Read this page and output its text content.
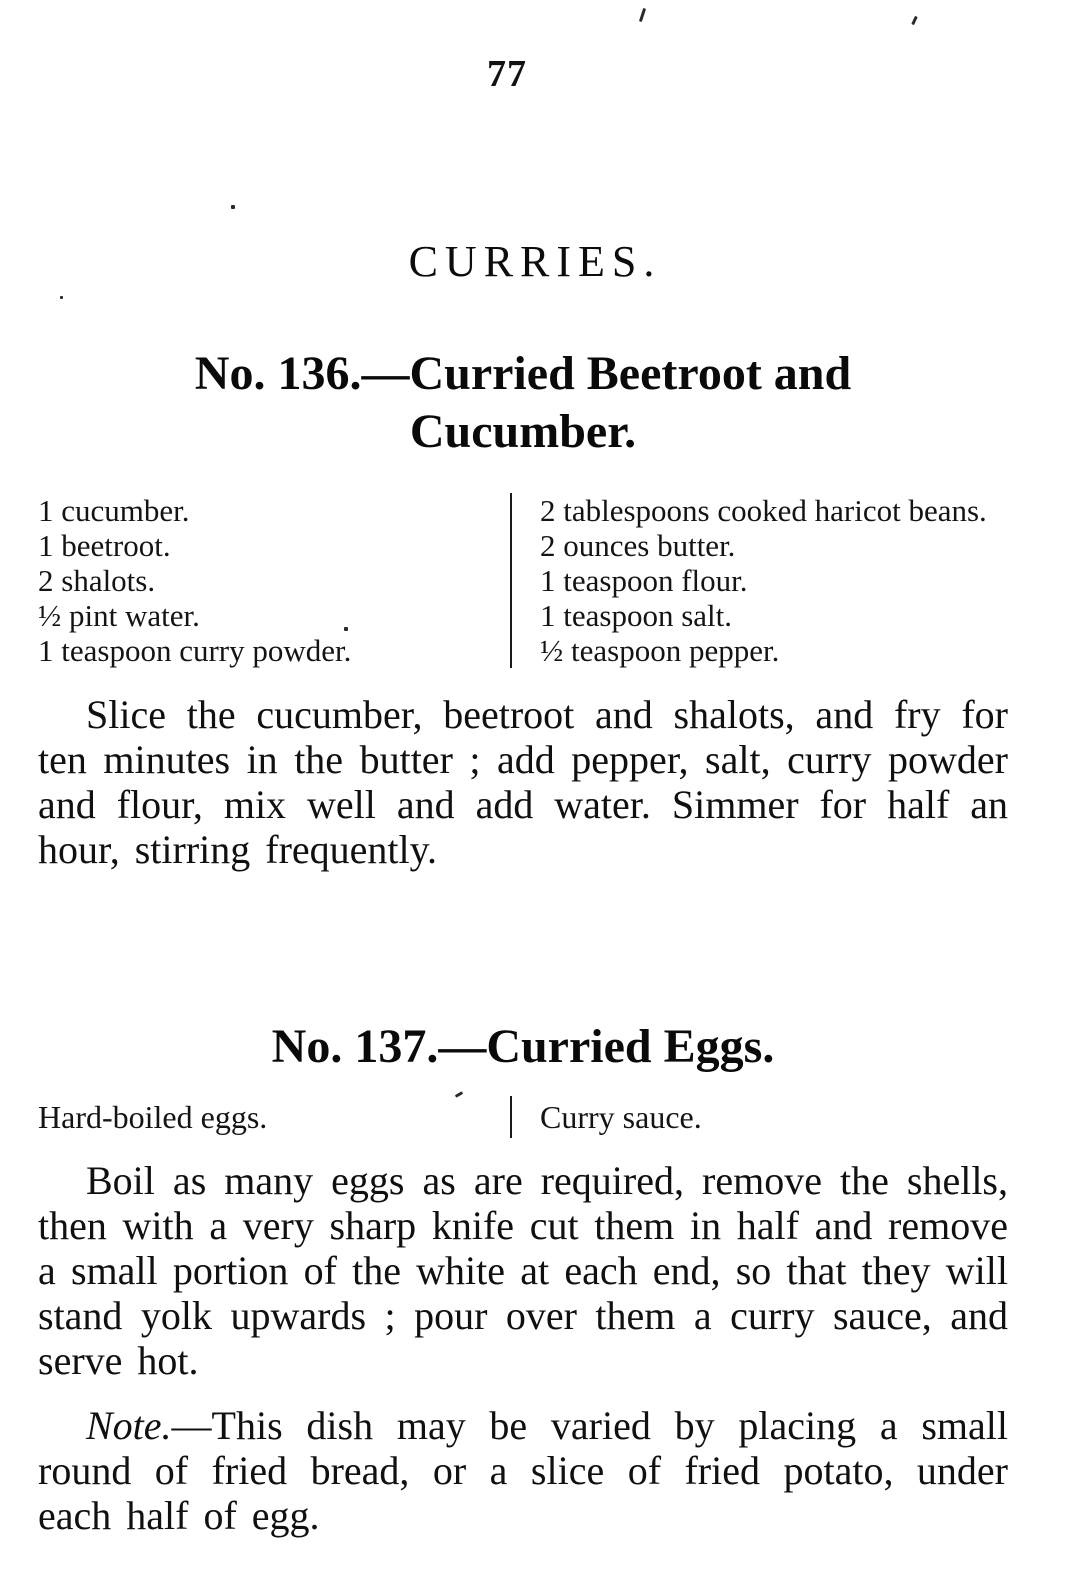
77
CURRIES.
No. 136.—Curried Beetroot and Cucumber.
1 cucumber.
1 beetroot.
2 shalots.
½ pint water.
1 teaspoon curry powder.
2 tablespoons cooked haricot beans.
2 ounces butter.
1 teaspoon flour.
1 teaspoon salt.
½ teaspoon pepper.

Slice the cucumber, beetroot and shalots, and fry for ten minutes in the butter ; add pepper, salt, curry powder and flour, mix well and add water. Simmer for half an hour, stirring frequently.

No. 137.—Curried Eggs.
Hard-boiled eggs.	Curry sauce.

Boil as many eggs as are required, remove the shells, then with a very sharp knife cut them in half and remove a small portion of the white at each end, so that they will stand yolk upwards ; pour over them a curry sauce, and serve hot.

Note.—This dish may be varied by placing a small round of fried bread, or a slice of fried potato, under each half of egg.
